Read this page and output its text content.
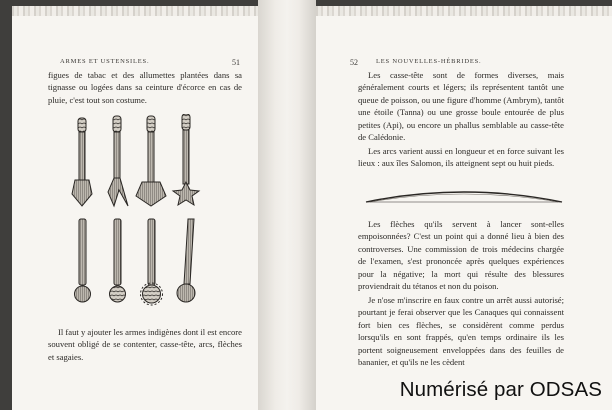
ARMES ET USTENSILES.	51

figues de tabac et des allumettes plantées dans sa tignasse ou logées dans sa ceinture d'écorce en cas de pluie, c'est tout son costume.

Il faut y ajouter les armes indigènes dont il est encore souvent obligé de se contenter, casse-tête, arcs, flèches et sagaies.

52	LES NOUVELLES-HÉBRIDES.

Les casse-tête sont de formes diverses, mais généralement courts et légers; ils représentent tantôt une queue de poisson, ou une figure d'homme (Ambrym), tantôt une étoile (Tanna) ou une grosse boule entourée de plus petites (Api), ou encore un phallus semblable au casse-tête de Calédonie.

Les arcs varient aussi en longueur et en force suivant les lieux : aux îles Salomon, ils atteignent sept ou huit pieds.

Les flèches qu'ils servent à lancer sont-elles empoisonnées? C'est un point qui a donné lieu à bien des controverses. Une commission de trois médecins chargée de l'examen, s'est prononcée après quelques expériences pour la négative; la mort qui résulte des blessures proviendrait du tétanos et non du poison.

Je n'ose m'inscrire en faux contre un arrêt aussi autorisé; pourtant je ferai observer que les Canaques qui connaissent fort bien ces flèches, se considèrent comme perdus lorsqu'ils en sont frappés, qu'en temps ordinaire ils les portent soigneusement enveloppées dans des feuilles de bananier, et qu'ils ne les cèdent

Numérisé par ODSAS
